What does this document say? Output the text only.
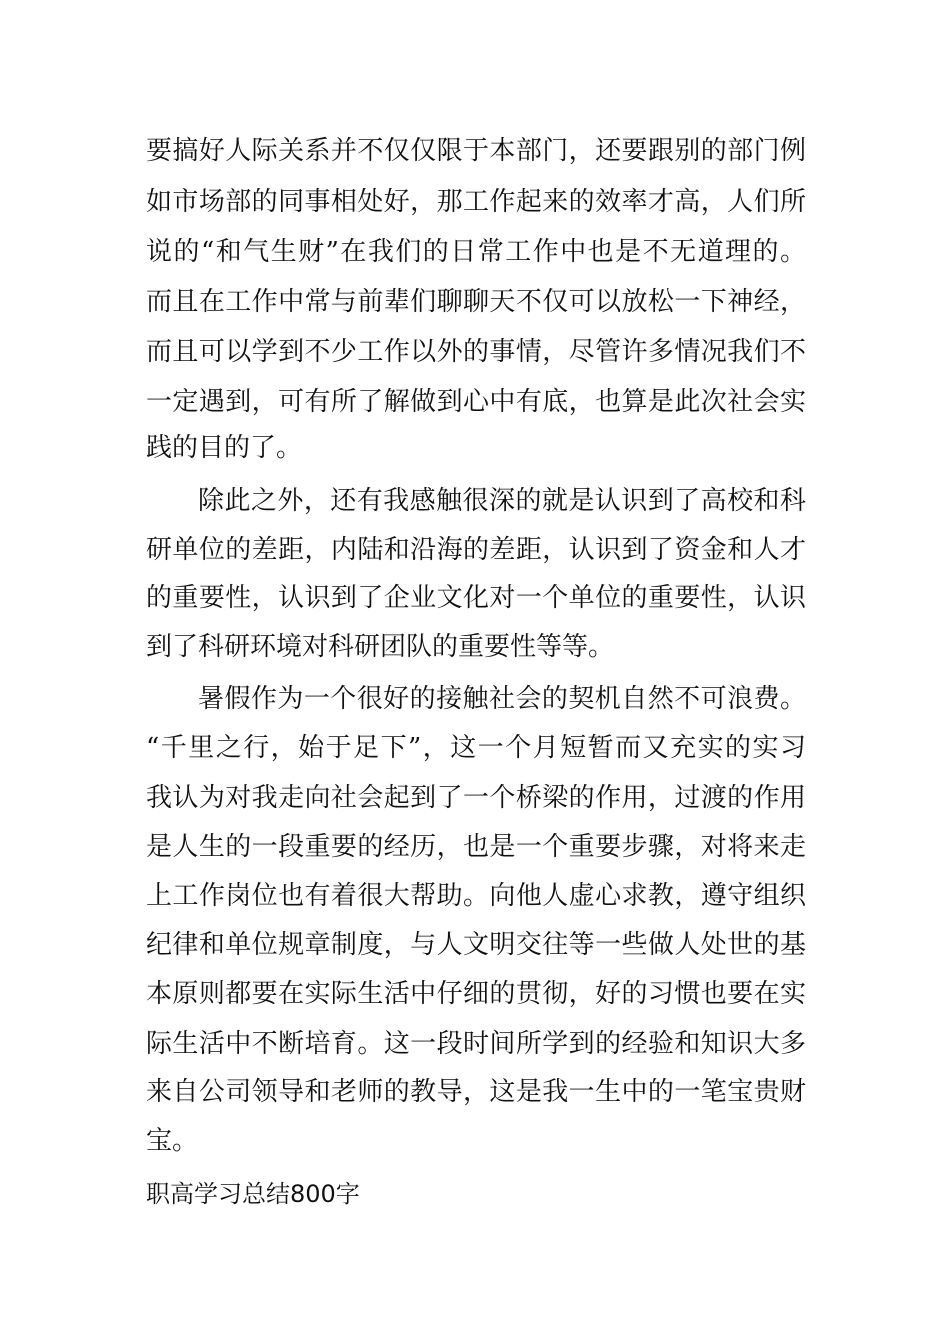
要搞好人际关系并不仅仅限于本部门，还要跟别的部门例
如市场部的同事相处好，那工作起来的效率才高，人们所
说的“和气生财”在我们的日常工作中也是不无道理的。
而且在工作中常与前辈们聊聊天不仅可以放松一下神经，
而且可以学到不少工作以外的事情，尽管许多情况我们不
一定遇到，可有所了解做到心中有底，也算是此次社会实
践的目的了。
除此之外，还有我感触很深的就是认识到了高校和科
研单位的差距，内陆和沿海的差距，认识到了资金和人才
的重要性，认识到了企业文化对一个单位的重要性，认识
到了科研环境对科研团队的重要性等等。
暑假作为一个很好的接触社会的契机自然不可浪费。
“千里之行，始于足下”，这一个月短暂而又充实的实习
我认为对我走向社会起到了一个桥梁的作用，过渡的作用
是人生的一段重要的经历，也是一个重要步骤，对将来走
上工作岗位也有着很大帮助。向他人虚心求教，遵守组织
纪律和单位规章制度，与人文明交往等一些做人处世的基
本原则都要在实际生活中仔细的贯彻，好的习惯也要在实
际生活中不断培育。这一段时间所学到的经验和知识大多
来自公司领导和老师的教导，这是我一生中的一笔宝贵财
宝。
职高学习总结800字
